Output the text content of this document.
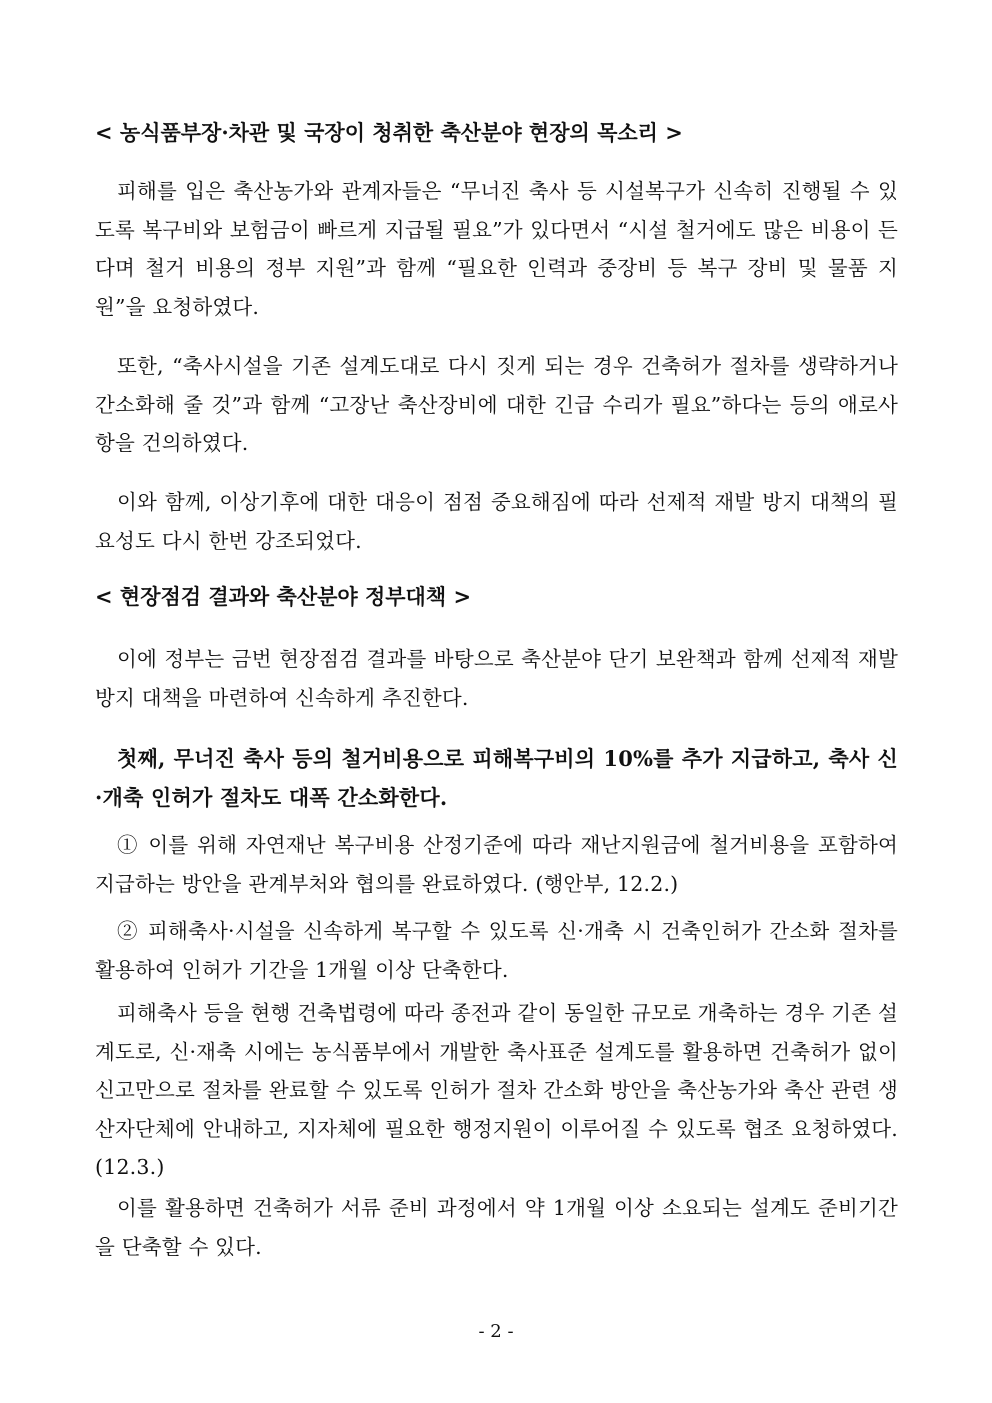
< 농식품부장·차관 및 국장이 청취한 축산분야 현장의 목소리 >
피해를 입은 축산농가와 관계자들은 “무너진 축사 등 시설복구가 신속히 진행될 수 있도록 복구비와 보험금이 빠르게 지급될 필요”가 있다면서 “시설 철거에도 많은 비용이 든다며 철거 비용의 정부 지원”과 함께 “필요한 인력과 중장비 등 복구 장비 및 물품 지원”을 요청하였다.
또한, “축사시설을 기존 설계도대로 다시 짓게 되는 경우 건축허가 절차를 생략하거나 간소화해 줄 것”과 함께 “고장난 축산장비에 대한 긴급 수리가 필요”하다는 등의 애로사항을 건의하였다.
이와 함께, 이상기후에 대한 대응이 점점 중요해짐에 따라 선제적 재발 방지 대책의 필요성도 다시 한번 강조되었다.
< 현장점검 결과와 축산분야 정부대책 >
이에 정부는 금번 현장점검 결과를 바탕으로 축산분야 단기 보완책과 함께 선제적 재발방지 대책을 마련하여 신속하게 추진한다.
첫째, 무너진 축사 등의 철거비용으로 피해복구비의 10%를 추가 지급하고, 축사 신·개축 인허가 절차도 대폭 간소화한다.
① 이를 위해 자연재난 복구비용 산정기준에 따라 재난지원금에 철거비용을 포함하여 지급하는 방안을 관계부처와 협의를 완료하였다. (행안부, 12.2.)
② 피해축사·시설을 신속하게 복구할 수 있도록 신·개축 시 건축인허가 간소화 절차를 활용하여 인허가 기간을 1개월 이상 단축한다.
피해축사 등을 현행 건축법령에 따라 종전과 같이 동일한 규모로 개축하는 경우 기존 설계도로, 신·재축 시에는 농식품부에서 개발한 축사표준 설계도를 활용하면 건축허가 없이 신고만으로 절차를 완료할 수 있도록 인허가 절차 간소화 방안을 축산농가와 축산 관련 생산자단체에 안내하고, 지자체에 필요한 행정지원이 이루어질 수 있도록 협조 요청하였다.(12.3.)
이를 활용하면 건축허가 서류 준비 과정에서 약 1개월 이상 소요되는 설계도 준비기간을 단축할 수 있다.
- 2 -
